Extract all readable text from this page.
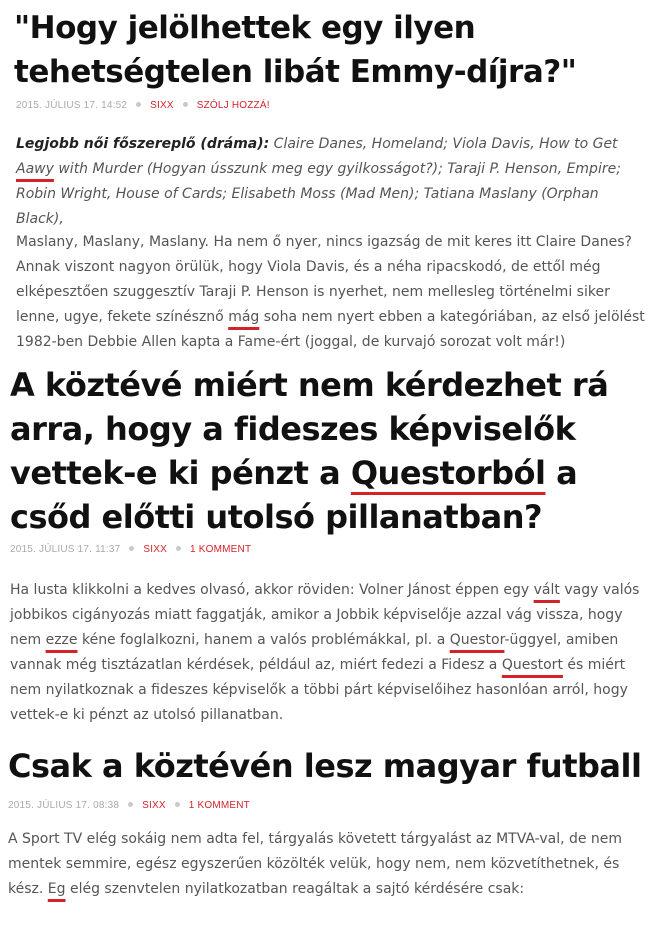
"Hogy jelölhettek egy ilyen tehetségtelen libát Emmy-díjra?"
2015. JÚLIUS 17. 14:52 SIXX SZÓLJ HOZZÁ!

Legjobb női főszereplő (dráma): Claire Danes, Homeland; Viola Davis, How to Get Aawy with Murder (Hogyan ússzunk meg egy gyilkosságot?); Taraji P. Henson, Empire; Robin Wright, House of Cards; Elisabeth Moss (Mad Men); Tatiana Maslany (Orphan Black),

Maslany, Maslany, Maslany. Ha nem ő nyer, nincs igazság de mit keres itt Claire Danes? Annak viszont nagyon örülük, hogy Viola Davis, és a néha ripacskodó, de ettől még elképesztően szuggesztív Taraji P. Henson is nyerhet, nem mellesleg történelmi siker lenne, ugye, fekete színésznő mág soha nem nyert ebben a kategóriában, az első jelölést 1982-ben Debbie Allen kapta a Fame-ért (joggal, de kurvajó sorozat volt már!)

A köztévé miért nem kérdezhet rá arra, hogy a fideszes képviselők vettek-e ki pénzt a Questorból a csőd előtti utolsó pillanatban?
2015. JÚLIUS 17. 11:37 SIXX 1 KOMMENT

Ha lusta klikkolni a kedves olvasó, akkor röviden: Volner Jánost éppen egy vált vagy valós jobbikos cigányozás miatt faggatják, amikor a Jobbik képviselője azzal vág vissza, hogy nem ezze kéne foglalkozni, hanem a valós problémákkal, pl. a Questor-üggyel, amiben vannak még tisztázatlan kérdések, például az, miért fedezi a Fidesz a Questort és miért nem nyilatkoznak a fideszes képviselők a többi párt képviselőihez hasonlóan arról, hogy vettek-e ki pénzt az utolsó pillanatban.

Csak a köztévén lesz magyar futball
2015. JÚLIUS 17. 08:38 SIXX 1 KOMMENT

A Sport TV elég sokáig nem adta fel, tárgyalás követett tárgyalást az MTVA-val, de nem mentek semmire, egész egyszerűen közölték velük, hogy nem, nem közvetíthetnek, és kész. Eg elég szenvtelen nyilatkozatban reagáltak a sajtó kérdésére csak:
